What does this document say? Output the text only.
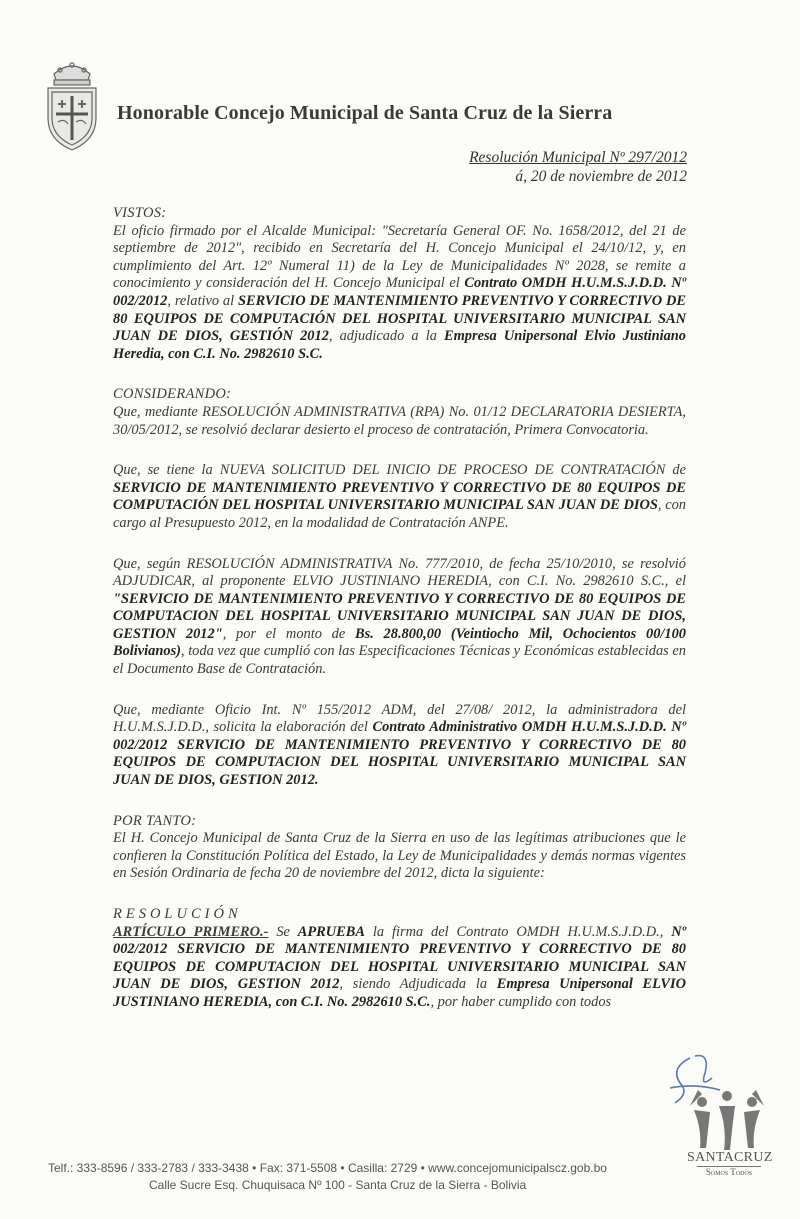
Honorable Concejo Municipal de Santa Cruz de la Sierra
Resolución Municipal Nº 297/2012
á, 20 de noviembre de 2012

VISTOS:

El oficio firmado por el Alcalde Municipal: "Secretaría General OF. No. 1658/2012, del 21 de septiembre de 2012", recibido en Secretaría del H. Concejo Municipal el 24/10/12, y, en cumplimiento del Art. 12º Numeral 11) de la Ley de Municipalidades Nº 2028, se remite a conocimiento y consideración del H. Concejo Municipal el Contrato OMDH H.U.M.S.J.D.D. Nº 002/2012, relativo al SERVICIO DE MANTENIMIENTO PREVENTIVO Y CORRECTIVO DE 80 EQUIPOS DE COMPUTACIÓN DEL HOSPITAL UNIVERSITARIO MUNICIPAL SAN JUAN DE DIOS, GESTIÓN 2012, adjudicado a la Empresa Unipersonal Elvio Justiniano Heredia, con C.I. No. 2982610 S.C.

CONSIDERANDO:

Que, mediante RESOLUCIÓN ADMINISTRATIVA (RPA) No. 01/12 DECLARATORIA DESIERTA, 30/05/2012, se resolvió declarar desierto el proceso de contratación, Primera Convocatoria.

Que, se tiene la NUEVA SOLICITUD DEL INICIO DE PROCESO DE CONTRATACIÓN de SERVICIO DE MANTENIMIENTO PREVENTIVO Y CORRECTIVO DE 80 EQUIPOS DE COMPUTACIÓN DEL HOSPITAL UNIVERSITARIO MUNICIPAL SAN JUAN DE DIOS, con cargo al Presupuesto 2012, en la modalidad de Contratación ANPE.

Que, según RESOLUCIÓN ADMINISTRATIVA No. 777/2010, de fecha 25/10/2010, se resolvió ADJUDICAR, al proponente ELVIO JUSTINIANO HEREDIA, con C.I. No. 2982610 S.C., el "SERVICIO DE MANTENIMIENTO PREVENTIVO Y CORRECTIVO DE 80 EQUIPOS DE COMPUTACION DEL HOSPITAL UNIVERSITARIO MUNICIPAL SAN JUAN DE DIOS, GESTION 2012", por el monto de Bs. 28.800,00 (Veintiocho Mil, Ochocientos 00/100 Bolivianos), toda vez que cumplió con las Especificaciones Técnicas y Económicas establecidas en el Documento Base de Contratación.

Que, mediante Oficio Int. Nº 155/2012 ADM, del 27/08/ 2012, la administradora del H.U.M.S.J.D.D., solicita la elaboración del Contrato Administrativo OMDH H.U.M.S.J.D.D. Nº 002/2012 SERVICIO DE MANTENIMIENTO PREVENTIVO Y CORRECTIVO DE 80 EQUIPOS DE COMPUTACION DEL HOSPITAL UNIVERSITARIO MUNICIPAL SAN JUAN DE DIOS, GESTION 2012.

POR TANTO:

El H. Concejo Municipal de Santa Cruz de la Sierra en uso de las legítimas atribuciones que le confieren la Constitución Política del Estado, la Ley de Municipalidades y demás normas vigentes en Sesión Ordinaria de fecha 20 de noviembre del 2012, dicta la siguiente:

RESOLUCIÓN

ARTÍCULO PRIMERO.- Se APRUEBA la firma del Contrato OMDH H.U.M.S.J.D.D., Nº 002/2012 SERVICIO DE MANTENIMIENTO PREVENTIVO Y CORRECTIVO DE 80 EQUIPOS DE COMPUTACION DEL HOSPITAL UNIVERSITARIO MUNICIPAL SAN JUAN DE DIOS, GESTION 2012, siendo Adjudicada la Empresa Unipersonal ELVIO JUSTINIANO HEREDIA, con C.I. No. 2982610 S.C., por haber cumplido con todos

SANTACRUZ
Somos Todos
Telf.: 333-8596 / 333-2783 / 333-3438 • Fax: 371-5508 • Casilla: 2729 • www.concejomunicipalscz.gob.bo
Calle Sucre Esq. Chuquisaca Nº 100 - Santa Cruz de la Sierra - Bolivia
